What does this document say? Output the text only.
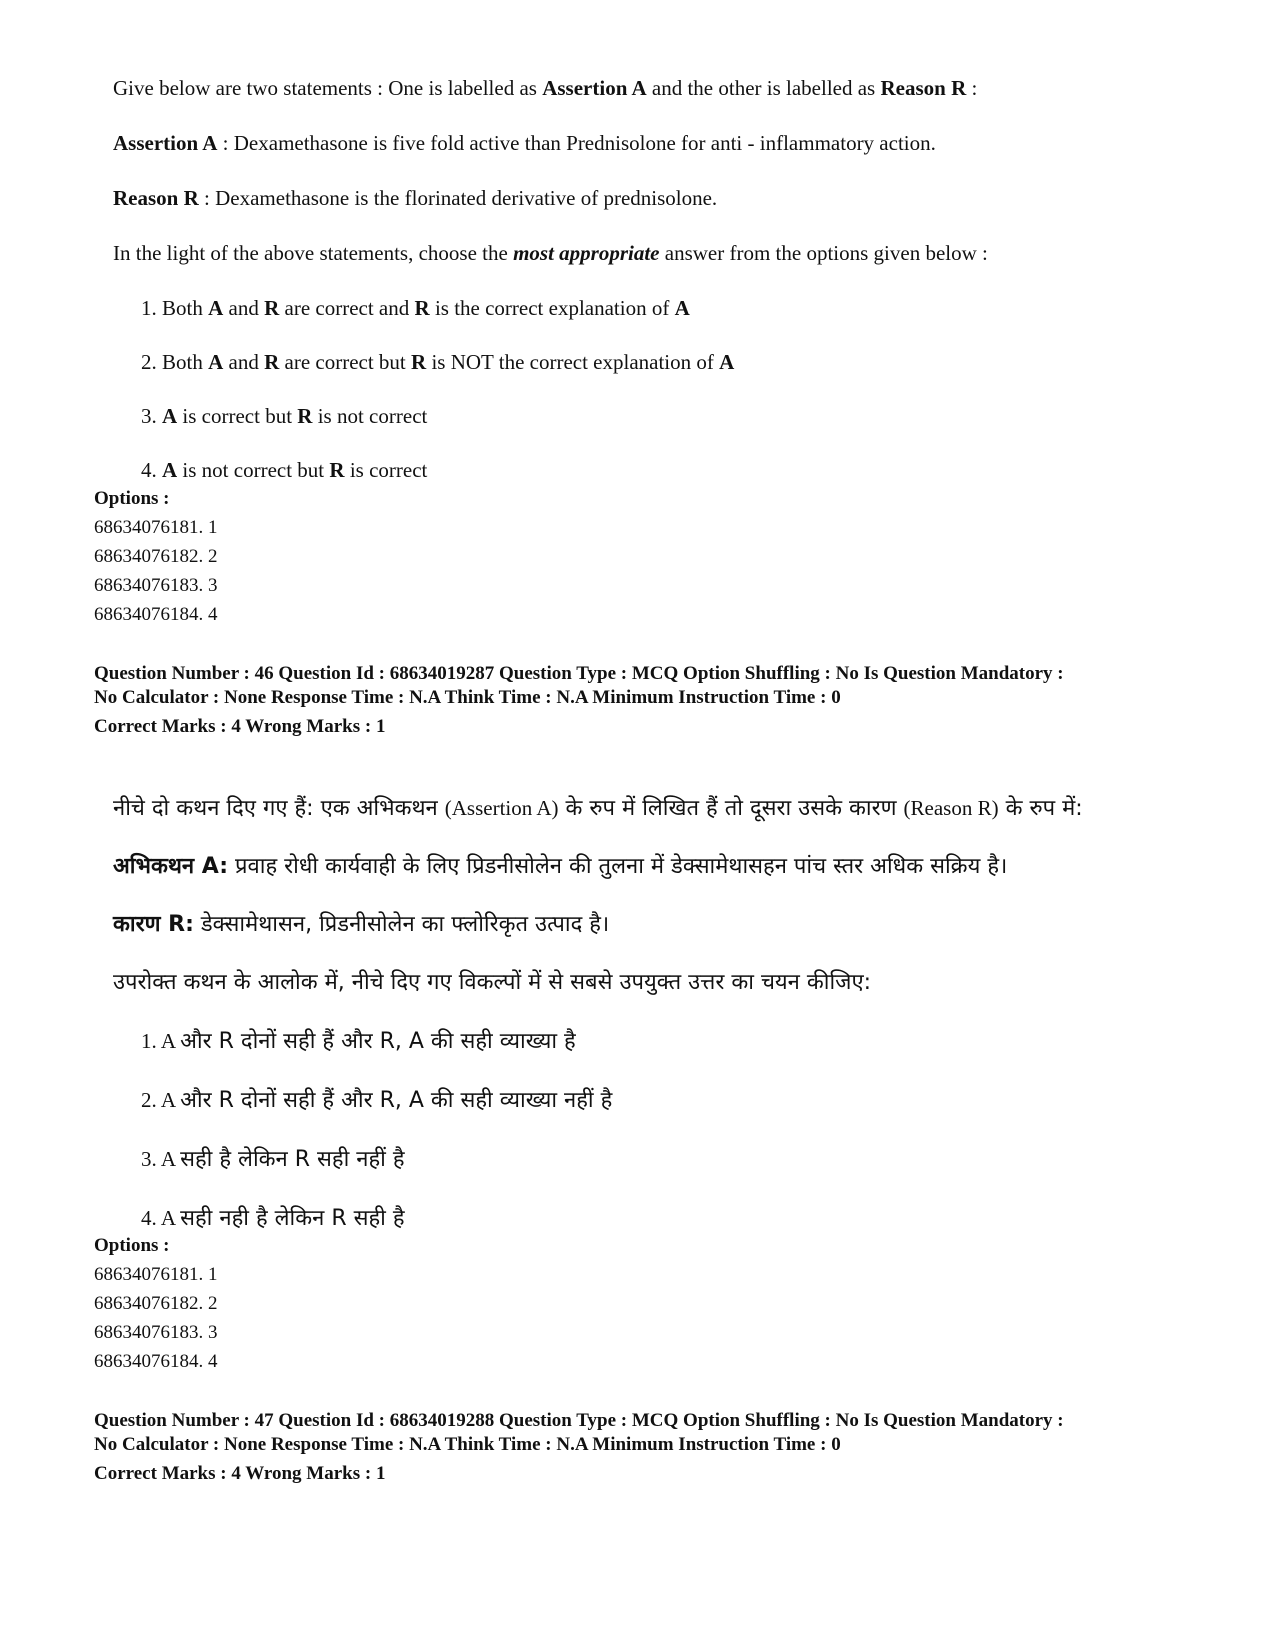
Give below are two statements : One is labelled as Assertion A and the other is labelled as Reason R :
Assertion A : Dexamethasone is five fold active than Prednisolone for anti - inflammatory action.
Reason R : Dexamethasone is the florinated derivative of prednisolone.
In the light of the above statements, choose the most appropriate answer from the options given below :
1. Both A and R are correct and R is the correct explanation of A
2. Both A and R are correct but R is NOT the correct explanation of A
3. A is correct but R is not correct
4. A is not correct but R is correct
Options :
68634076181. 1
68634076182. 2
68634076183. 3
68634076184. 4
Question Number : 46 Question Id : 68634019287 Question Type : MCQ Option Shuffling : No Is Question Mandatory :
No Calculator : None Response Time : N.A Think Time : N.A Minimum Instruction Time : 0
Correct Marks : 4 Wrong Marks : 1
नीचे दो कथन दिए गए हैं: एक अभिकथन (Assertion A) के रुप में लिखित हैं तो दूसरा उसके कारण (Reason R) के रुप में:
अभिकथन A: प्रवाह रोधी कार्यवाही के लिए प्रिडनीसोलेन की तुलना में डेक्सामेथासहन पांच स्तर अधिक सक्रिय है।
कारण R: डेक्सामेथासन, प्रिडनीसोलेन का फ्लोरिकृत उत्पाद है।
उपरोक्त कथन के आलोक में, नीचे दिए गए विकल्पों में से सबसे उपयुक्त उत्तर का चयन कीजिए:
1. A और R दोनों सही हैं और R, A की सही व्याख्या है
2. A और R दोनों सही हैं और R, A की सही व्याख्या नहीं है
3. A सही है लेकिन R सही नहीं है
4. A सही नही है लेकिन R सही है
Options :
68634076181. 1
68634076182. 2
68634076183. 3
68634076184. 4
Question Number : 47 Question Id : 68634019288 Question Type : MCQ Option Shuffling : No Is Question Mandatory :
No Calculator : None Response Time : N.A Think Time : N.A Minimum Instruction Time : 0
Correct Marks : 4 Wrong Marks : 1
